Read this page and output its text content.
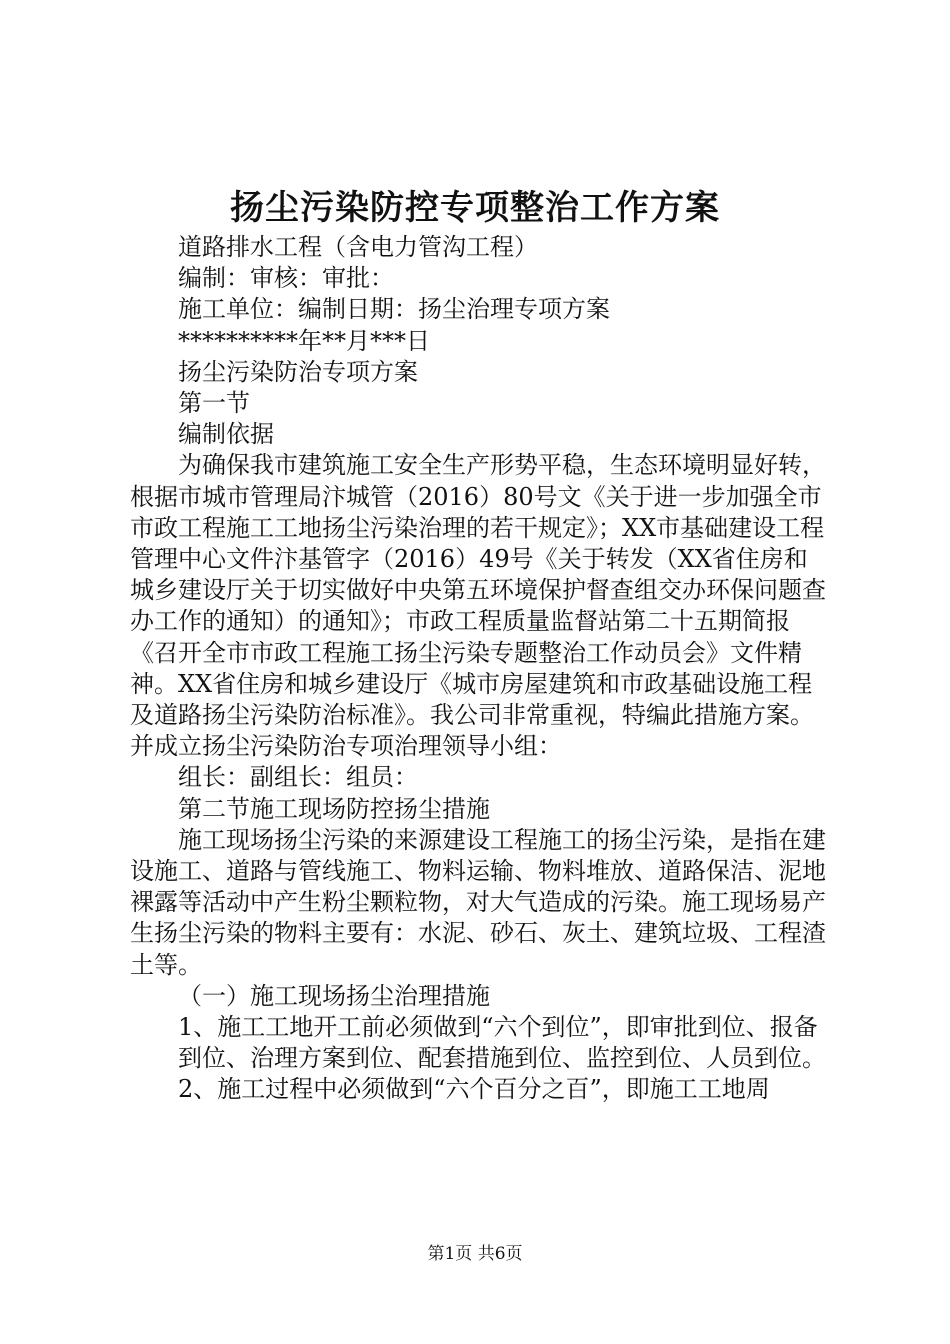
扬尘污染防控专项整治工作方案

道路排水工程（含电力管沟工程）

编制：审核：审批：

施工单位：编制日期：扬尘治理专项方案

**********年**月***日

扬尘污染防治专项方案

第一节

编制依据

为确保我市建筑施工安全生产形势平稳，生态环境明显好转，根据市城市管理局汴城管（2016）80号文《关于进一步加强全市市政工程施工工地扬尘污染治理的若干规定》；XX市基础建设工程管理中心文件汴基管字（2016）49号《关于转发（XX省住房和城乡建设厅关于切实做好中央第五环境保护督查组交办环保问题查办工作的通知）的通知》；市政工程质量监督站第二十五期简报《召开全市市政工程施工扬尘污染专题整治工作动员会》文件精神。XX省住房和城乡建设厅《城市房屋建筑和市政基础设施工程及道路扬尘污染防治标准》。我公司非常重视，特编此措施方案。并成立扬尘污染防治专项治理领导小组：

组长：副组长：组员：

第二节施工现场防控扬尘措施

施工现场扬尘污染的来源建设工程施工的扬尘污染，是指在建设施工、道路与管线施工、物料运输、物料堆放、道路保洁、泥地裸露等活动中产生粉尘颗粒物，对大气造成的污染。施工现场易产生扬尘污染的物料主要有：水泥、砂石、灰土、建筑垃圾、工程渣土等。

（一）施工现场扬尘治理措施

1、施工工地开工前必须做到“六个到位”，即审批到位、报备

到位、治理方案到位、配套措施到位、监控到位、人员到位。

2、施工过程中必须做到“六个百分之百”，即施工工地周

第1页 共6页
